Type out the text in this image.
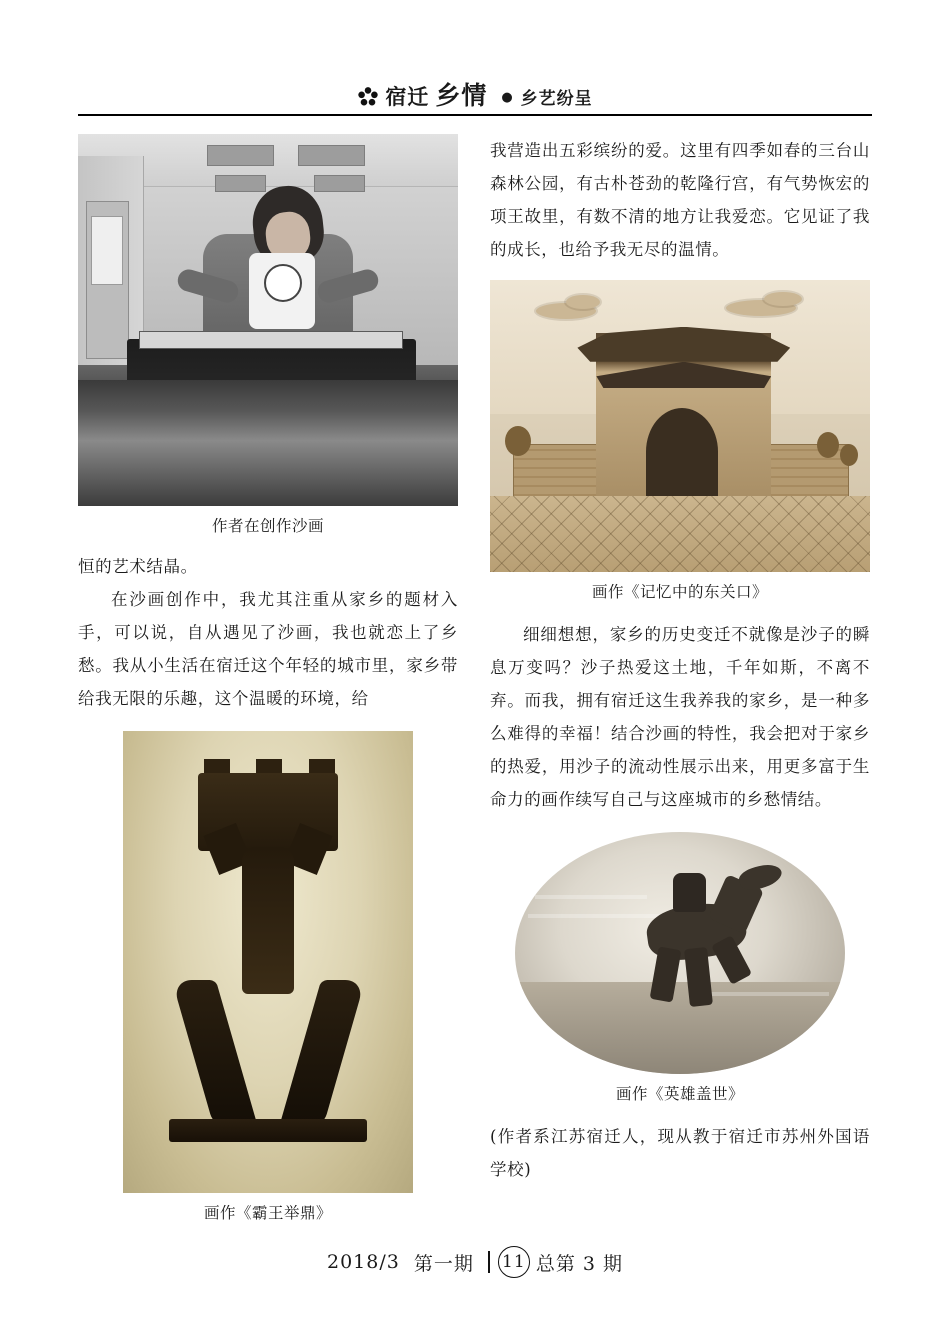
宿迁 乡情	● 乡艺纷呈
作者在创作沙画

恒的艺术结晶。

在沙画创作中，我尤其注重从家乡的题材入手，可以说，自从遇见了沙画，我也就恋上了乡愁。我从小生活在宿迁这个年轻的城市里，家乡带给我无限的乐趣，这个温暖的环境，给

画作《霸王举鼎》

我营造出五彩缤纷的爱。这里有四季如春的三台山森林公园，有古朴苍劲的乾隆行宫，有气势恢宏的项王故里，有数不清的地方让我爱恋。它见证了我的成长，也给予我无尽的温情。

画作《记忆中的东关口》

细细想想，家乡的历史变迁不就像是沙子的瞬息万变吗？沙子热爱这土地，千年如斯，不离不弃。而我，拥有宿迁这生我养我的家乡，是一种多么难得的幸福！结合沙画的特性，我会把对于家乡的热爱，用沙子的流动性展示出来，用更多富于生命力的画作续写自己与这座城市的乡愁情结。

画作《英雄盖世》

(作者系江苏宿迁人，现从教于宿迁市苏州外国语学校)

2018/3 第一期 11 总第 3 期
